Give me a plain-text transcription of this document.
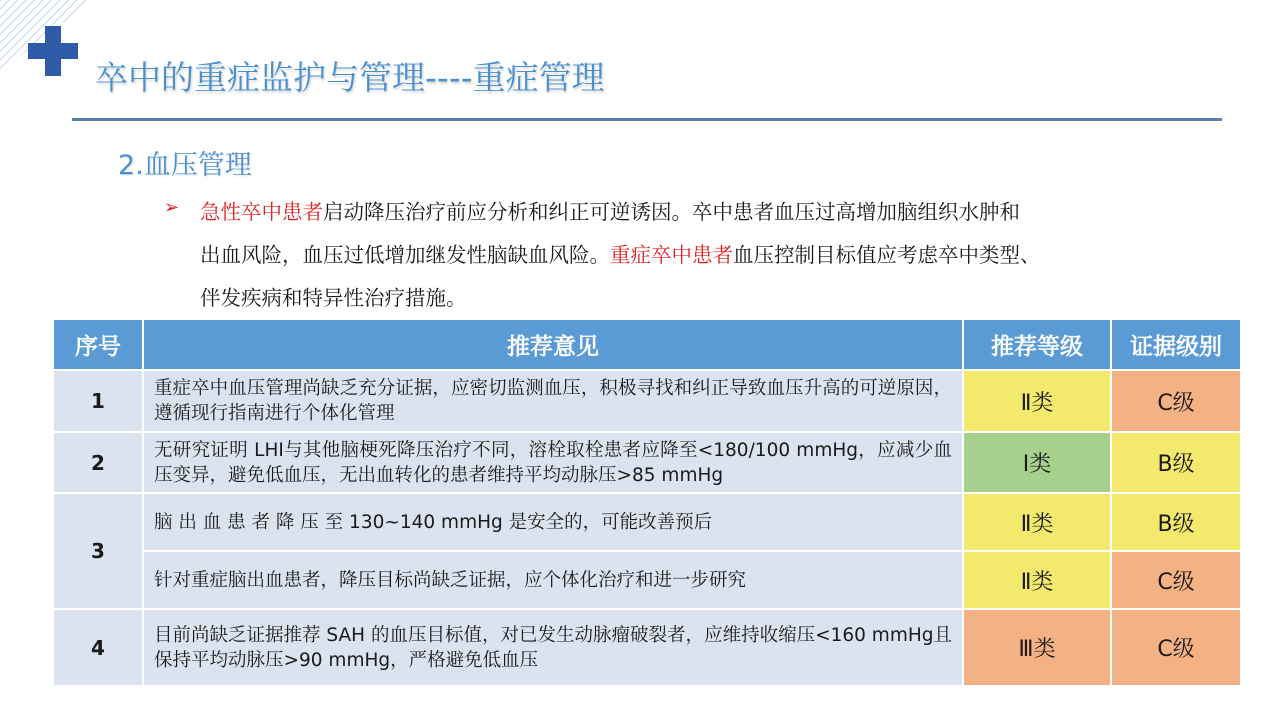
卒中的重症监护与管理----重症管理
2.血压管理
➢ 急性卒中患者启动降压治疗前应分析和纠正可逆诱因。卒中患者血压过高增加脑组织水肿和
出血风险，血压过低增加继发性脑缺血风险。重症卒中患者血压控制目标值应考虑卒中类型、
伴发疾病和特异性治疗措施。
序号	推荐意见	推荐等级	证据级别
1	重症卒中血压管理尚缺乏充分证据，应密切监测血压，积极寻找和纠正导致血压升高的可逆原因，遵循现行指南进行个体化管理	Ⅱ类	C级
2	无研究证明 LHI与其他脑梗死降压治疗不同，溶栓取栓患者应降至<180/100 mmHg，应减少血压变异，避免低血压，无出血转化的患者维持平均动脉压>85 mmHg	Ⅰ类	B级
3	脑 出 血 患 者 降 压 至 130~140 mmHg 是安全的，可能改善预后	Ⅱ类	B级
	针对重症脑出血患者，降压目标尚缺乏证据，应个体化治疗和进一步研究	Ⅱ类	C级
4	目前尚缺乏证据推荐 SAH 的血压目标值，对已发生动脉瘤破裂者，应维持收缩压<160 mmHg且保持平均动脉压>90 mmHg，严格避免低血压	Ⅲ类	C级
